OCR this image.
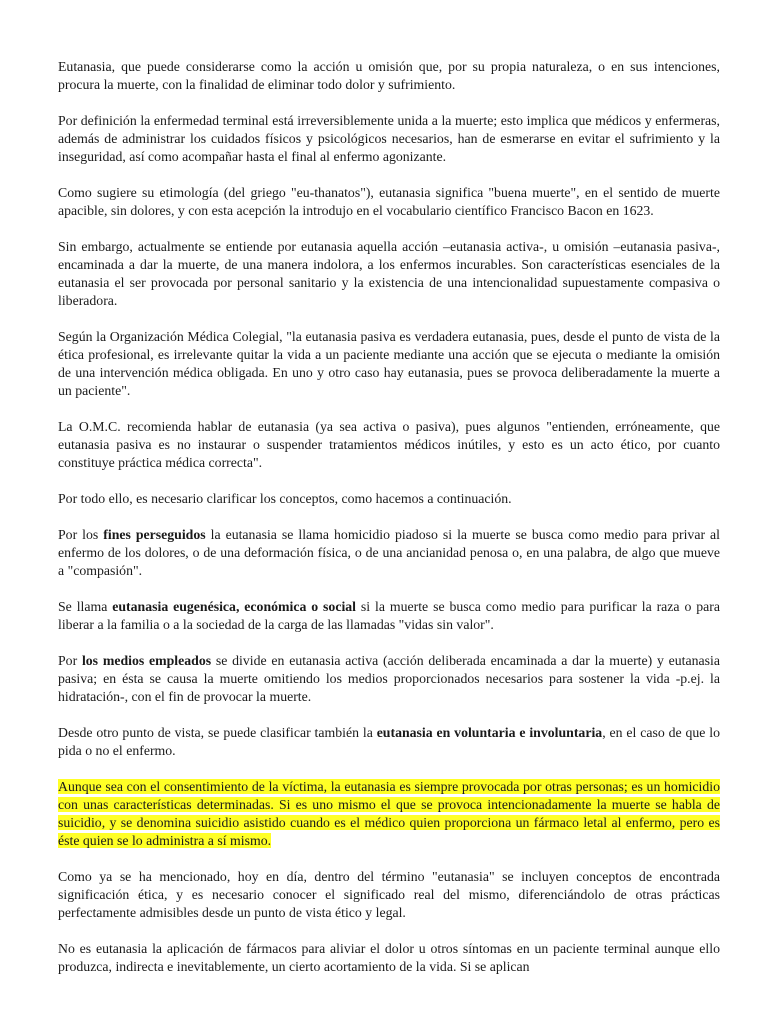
Eutanasia, que puede considerarse como la acción u omisión que, por su propia naturaleza, o en sus intenciones, procura la muerte, con la finalidad de eliminar todo dolor y sufrimiento.

Por definición la enfermedad terminal está irreversiblemente unida a la muerte; esto implica que médicos y enfermeras, además de administrar los cuidados físicos y psicológicos necesarios, han de esmerarse en evitar el sufrimiento y la inseguridad, así como acompañar hasta el final al enfermo agonizante.

Como sugiere su etimología (del griego "eu-thanatos"), eutanasia significa "buena muerte", en el sentido de muerte apacible, sin dolores, y con esta acepción la introdujo en el vocabulario científico Francisco Bacon en 1623.

Sin embargo, actualmente se entiende por eutanasia aquella acción –eutanasia activa-, u omisión –eutanasia pasiva-, encaminada a dar la muerte, de una manera indolora, a los enfermos incurables. Son características esenciales de la eutanasia el ser provocada por personal sanitario y la existencia de una intencionalidad supuestamente compasiva o liberadora.

Según la Organización Médica Colegial, "la eutanasia pasiva es verdadera eutanasia, pues, desde el punto de vista de la ética profesional, es irrelevante quitar la vida a un paciente mediante una acción que se ejecuta o mediante la omisión de una intervención médica obligada. En uno y otro caso hay eutanasia, pues se provoca deliberadamente la muerte a un paciente".

La O.M.C. recomienda hablar de eutanasia (ya sea activa o pasiva), pues algunos "entienden, erróneamente, que eutanasia pasiva es no instaurar o suspender tratamientos médicos inútiles, y esto es un acto ético, por cuanto constituye práctica médica correcta".

Por todo ello, es necesario clarificar los conceptos, como hacemos a continuación.

Por los fines perseguidos la eutanasia se llama homicidio piadoso si la muerte se busca como medio para privar al enfermo de los dolores, o de una deformación física, o de una ancianidad penosa o, en una palabra, de algo que mueve a "compasión".

Se llama eutanasia eugenésica, económica o social si la muerte se busca como medio para purificar la raza o para liberar a la familia o a la sociedad de la carga de las llamadas "vidas sin valor".

Por los medios empleados se divide en eutanasia activa (acción deliberada encaminada a dar la muerte) y eutanasia pasiva; en ésta se causa la muerte omitiendo los medios proporcionados necesarios para sostener la vida -p.ej. la hidratación-, con el fin de provocar la muerte.

Desde otro punto de vista, se puede clasificar también la eutanasia en voluntaria e involuntaria, en el caso de que lo pida o no el enfermo.

Aunque sea con el consentimiento de la víctima, la eutanasia es siempre provocada por otras personas; es un homicidio con unas características determinadas. Si es uno mismo el que se provoca intencionadamente la muerte se habla de suicidio, y se denomina suicidio asistido cuando es el médico quien proporciona un fármaco letal al enfermo, pero es éste quien se lo administra a sí mismo.

Como ya se ha mencionado, hoy en día, dentro del término "eutanasia" se incluyen conceptos de encontrada significación ética, y es necesario conocer el significado real del mismo, diferenciándolo de otras prácticas perfectamente admisibles desde un punto de vista ético y legal.

No es eutanasia la aplicación de fármacos para aliviar el dolor u otros síntomas en un paciente terminal aunque ello produzca, indirecta e inevitablemente, un cierto acortamiento de la vida. Si se aplican
